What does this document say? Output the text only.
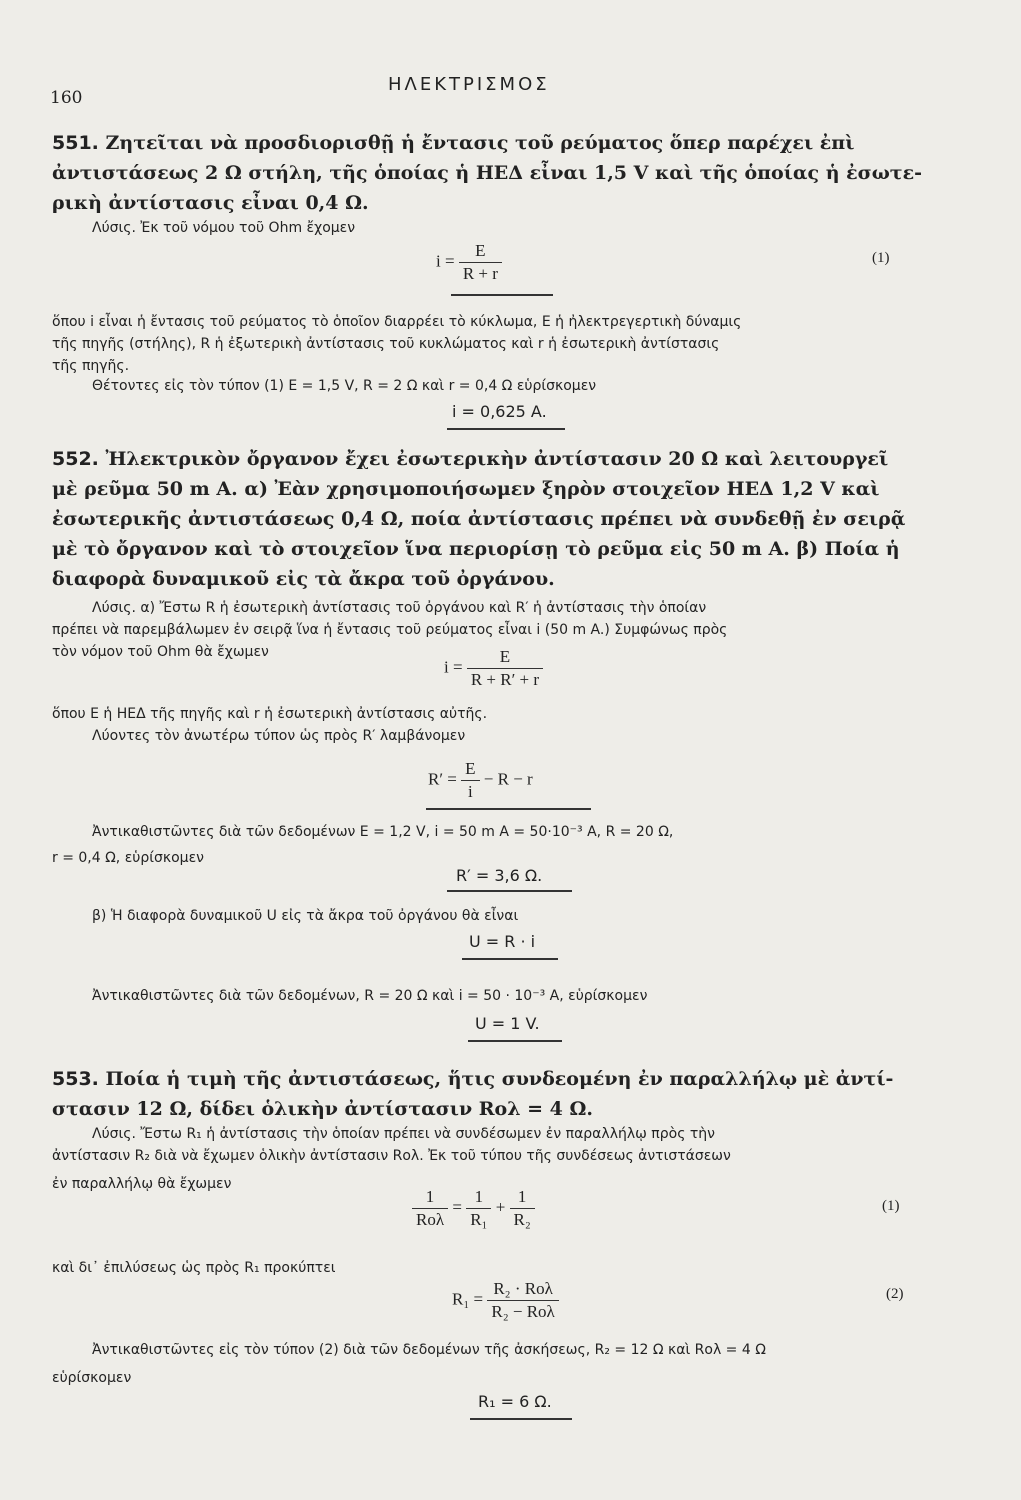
160
ΗΛΕΚΤΡΙΣΜΟΣ
551. Ζητεῖται νὰ προσδιορισθῇ ἡ ἔντασις τοῦ ρεύματος ὅπερ παρέχει ἐπὶ
ἀντιστάσεως 2 Ω στήλη, τῆς ὁποίας ἡ ΗΕΔ εἶναι 1,5 V καὶ τῆς ὁποίας ἡ ἐσωτε-
ρικὴ ἀντίστασις εἶναι 0,4 Ω.
Λύσις. Ἐκ τοῦ νόμου τοῦ Ohm ἔχομεν
$i = \frac{E}{R + r}$	(1)
ὅπου i εἶναι ἡ ἔντασις τοῦ ρεύματος τὸ ὁποῖον διαρρέει τὸ κύκλωμα, E ἡ ἠλεκτρεγερτικὴ δύναμις
τῆς πηγῆς (στήλης), R ἡ ἐξωτερικὴ ἀντίστασις τοῦ κυκλώματος καὶ r ἡ ἐσωτερικὴ ἀντίστασις
τῆς πηγῆς.
Θέτοντες εἰς τὸν τύπον (1) E = 1,5 V, R = 2 Ω καὶ r = 0,4 Ω εὑρίσκομεν
i = 0,625 A.
552. Ἠλεκτρικὸν ὄργανον ἔχει ἐσωτερικὴν ἀντίστασιν 20 Ω καὶ λειτουργεῖ
μὲ ρεῦμα 50 m A. α) Ἐὰν χρησιμοποιήσωμεν ξηρὸν στοιχεῖον ΗΕΔ 1,2 V καὶ
ἐσωτερικῆς ἀντιστάσεως 0,4 Ω, ποία ἀντίστασις πρέπει νὰ συνδεθῇ ἐν σειρᾷ
μὲ τὸ ὄργανον καὶ τὸ στοιχεῖον ἵνα περιορίσῃ τὸ ρεῦμα εἰς 50 m A. β) Ποία ἡ
διαφορὰ δυναμικοῦ εἰς τὰ ἄκρα τοῦ ὀργάνου.
Λύσις. α) Ἔστω R ἡ ἐσωτερικὴ ἀντίστασις τοῦ ὀργάνου καὶ R′ ἡ ἀντίστασις τὴν ὁποίαν
πρέπει νὰ παρεμβάλωμεν ἐν σειρᾷ ἵνα ἡ ἔντασις τοῦ ρεύματος εἶναι i (50 m A.) Συμφώνως πρὸς
τὸν νόμον τοῦ Ohm θὰ ἔχωμεν
$i = \frac{E}{R + R' + r}$
ὅπου E ἡ ΗΕΔ τῆς πηγῆς καὶ r ἡ ἐσωτερικὴ ἀντίστασις αὐτῆς.
Λύοντες τὸν ἀνωτέρω τύπον ὡς πρὸς R′ λαμβάνομεν
$R' = \frac{E}{i} - R - r$
Ἀντικαθιστῶντες διὰ τῶν δεδομένων E = 1,2 V, i = 50 m A = 50·10⁻³ A, R = 20 Ω,
r = 0,4 Ω, εὑρίσκομεν
R′ = 3,6 Ω.
β) Ἡ διαφορὰ δυναμικοῦ U εἰς τὰ ἄκρα τοῦ ὀργάνου θὰ εἶναι
U = R · i
Ἀντικαθιστῶντες διὰ τῶν δεδομένων, R = 20 Ω καὶ i = 50 · 10⁻³ A, εὑρίσκομεν
U = 1 V.
553. Ποία ἡ τιμὴ τῆς ἀντιστάσεως, ἥτις συνδεομένη ἐν παραλλήλῳ μὲ ἀντί-
στασιν 12 Ω, δίδει ὁλικὴν ἀντίστασιν Rολ = 4 Ω.
Λύσις. Ἔστω R₁ ἡ ἀντίστασις τὴν ὁποίαν πρέπει νὰ συνδέσωμεν ἐν παραλλήλῳ πρὸς τὴν
ἀντίστασιν R₂ διὰ νὰ ἔχωμεν ὁλικὴν ἀντίστασιν Rολ. Ἐκ τοῦ τύπου τῆς συνδέσεως ἀντιστάσεων
ἐν παραλλήλῳ θὰ ἔχωμεν
$\frac{1}{\text{Rολ}} = \frac{1}{\text{R₁}} + \frac{1}{\text{R₂}}$	(1)
καὶ δι᾽ ἐπιλύσεως ὡς πρὸς R₁ προκύπτει
$R_1 = \frac{\text{R₂ · Rολ}}{\text{R₂ − Rολ}}$	(2)
Ἀντικαθιστῶντες εἰς τὸν τύπον (2) διὰ τῶν δεδομένων τῆς ἀσκήσεως, R₂ = 12 Ω καὶ Rολ = 4 Ω
εὑρίσκομεν
R₁ = 6 Ω.
